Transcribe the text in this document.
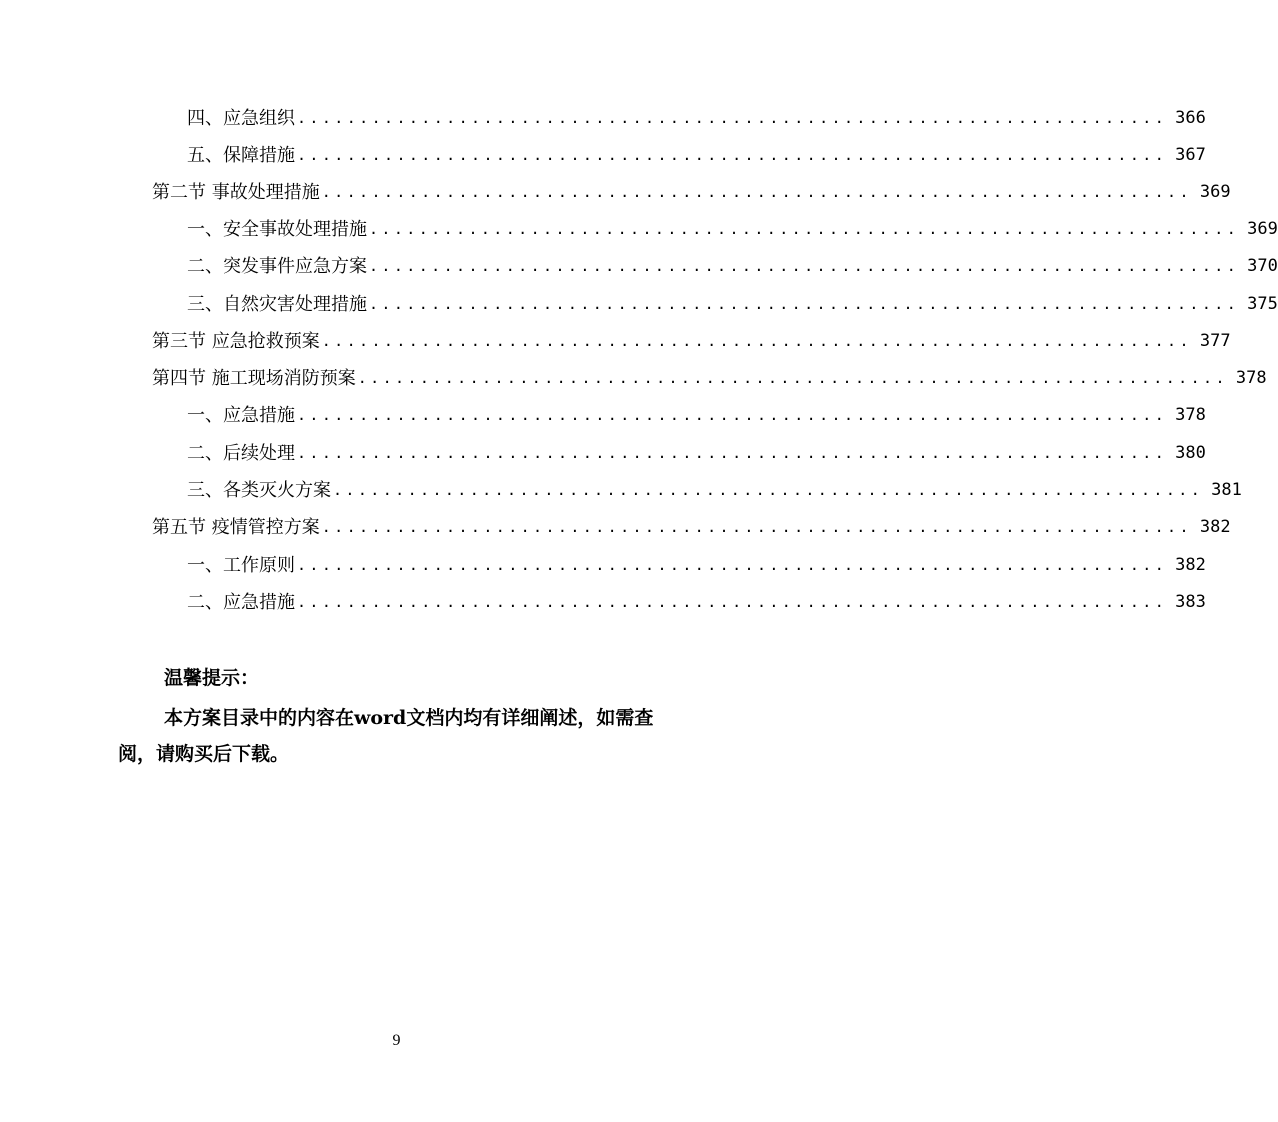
四、应急组织 ...................................................................... 366
五、保障措施 ...................................................................... 367
第二节 事故处理措施 ...................................................................... 369
一、安全事故处理措施 ...................................................................... 369
二、突发事件应急方案 ...................................................................... 370
三、自然灾害处理措施 ...................................................................... 375
第三节 应急抢救预案 ...................................................................... 377
第四节 施工现场消防预案 ...................................................................... 378
一、应急措施 ...................................................................... 378
二、后续处理 ...................................................................... 380
三、各类灭火方案 ...................................................................... 381
第五节 疫情管控方案 ...................................................................... 382
一、工作原则 ...................................................................... 382
二、应急措施 ...................................................................... 383
温馨提示：
本方案目录中的内容在word文档内均有详细阐述，如需查阅，请购买后下载。
9
